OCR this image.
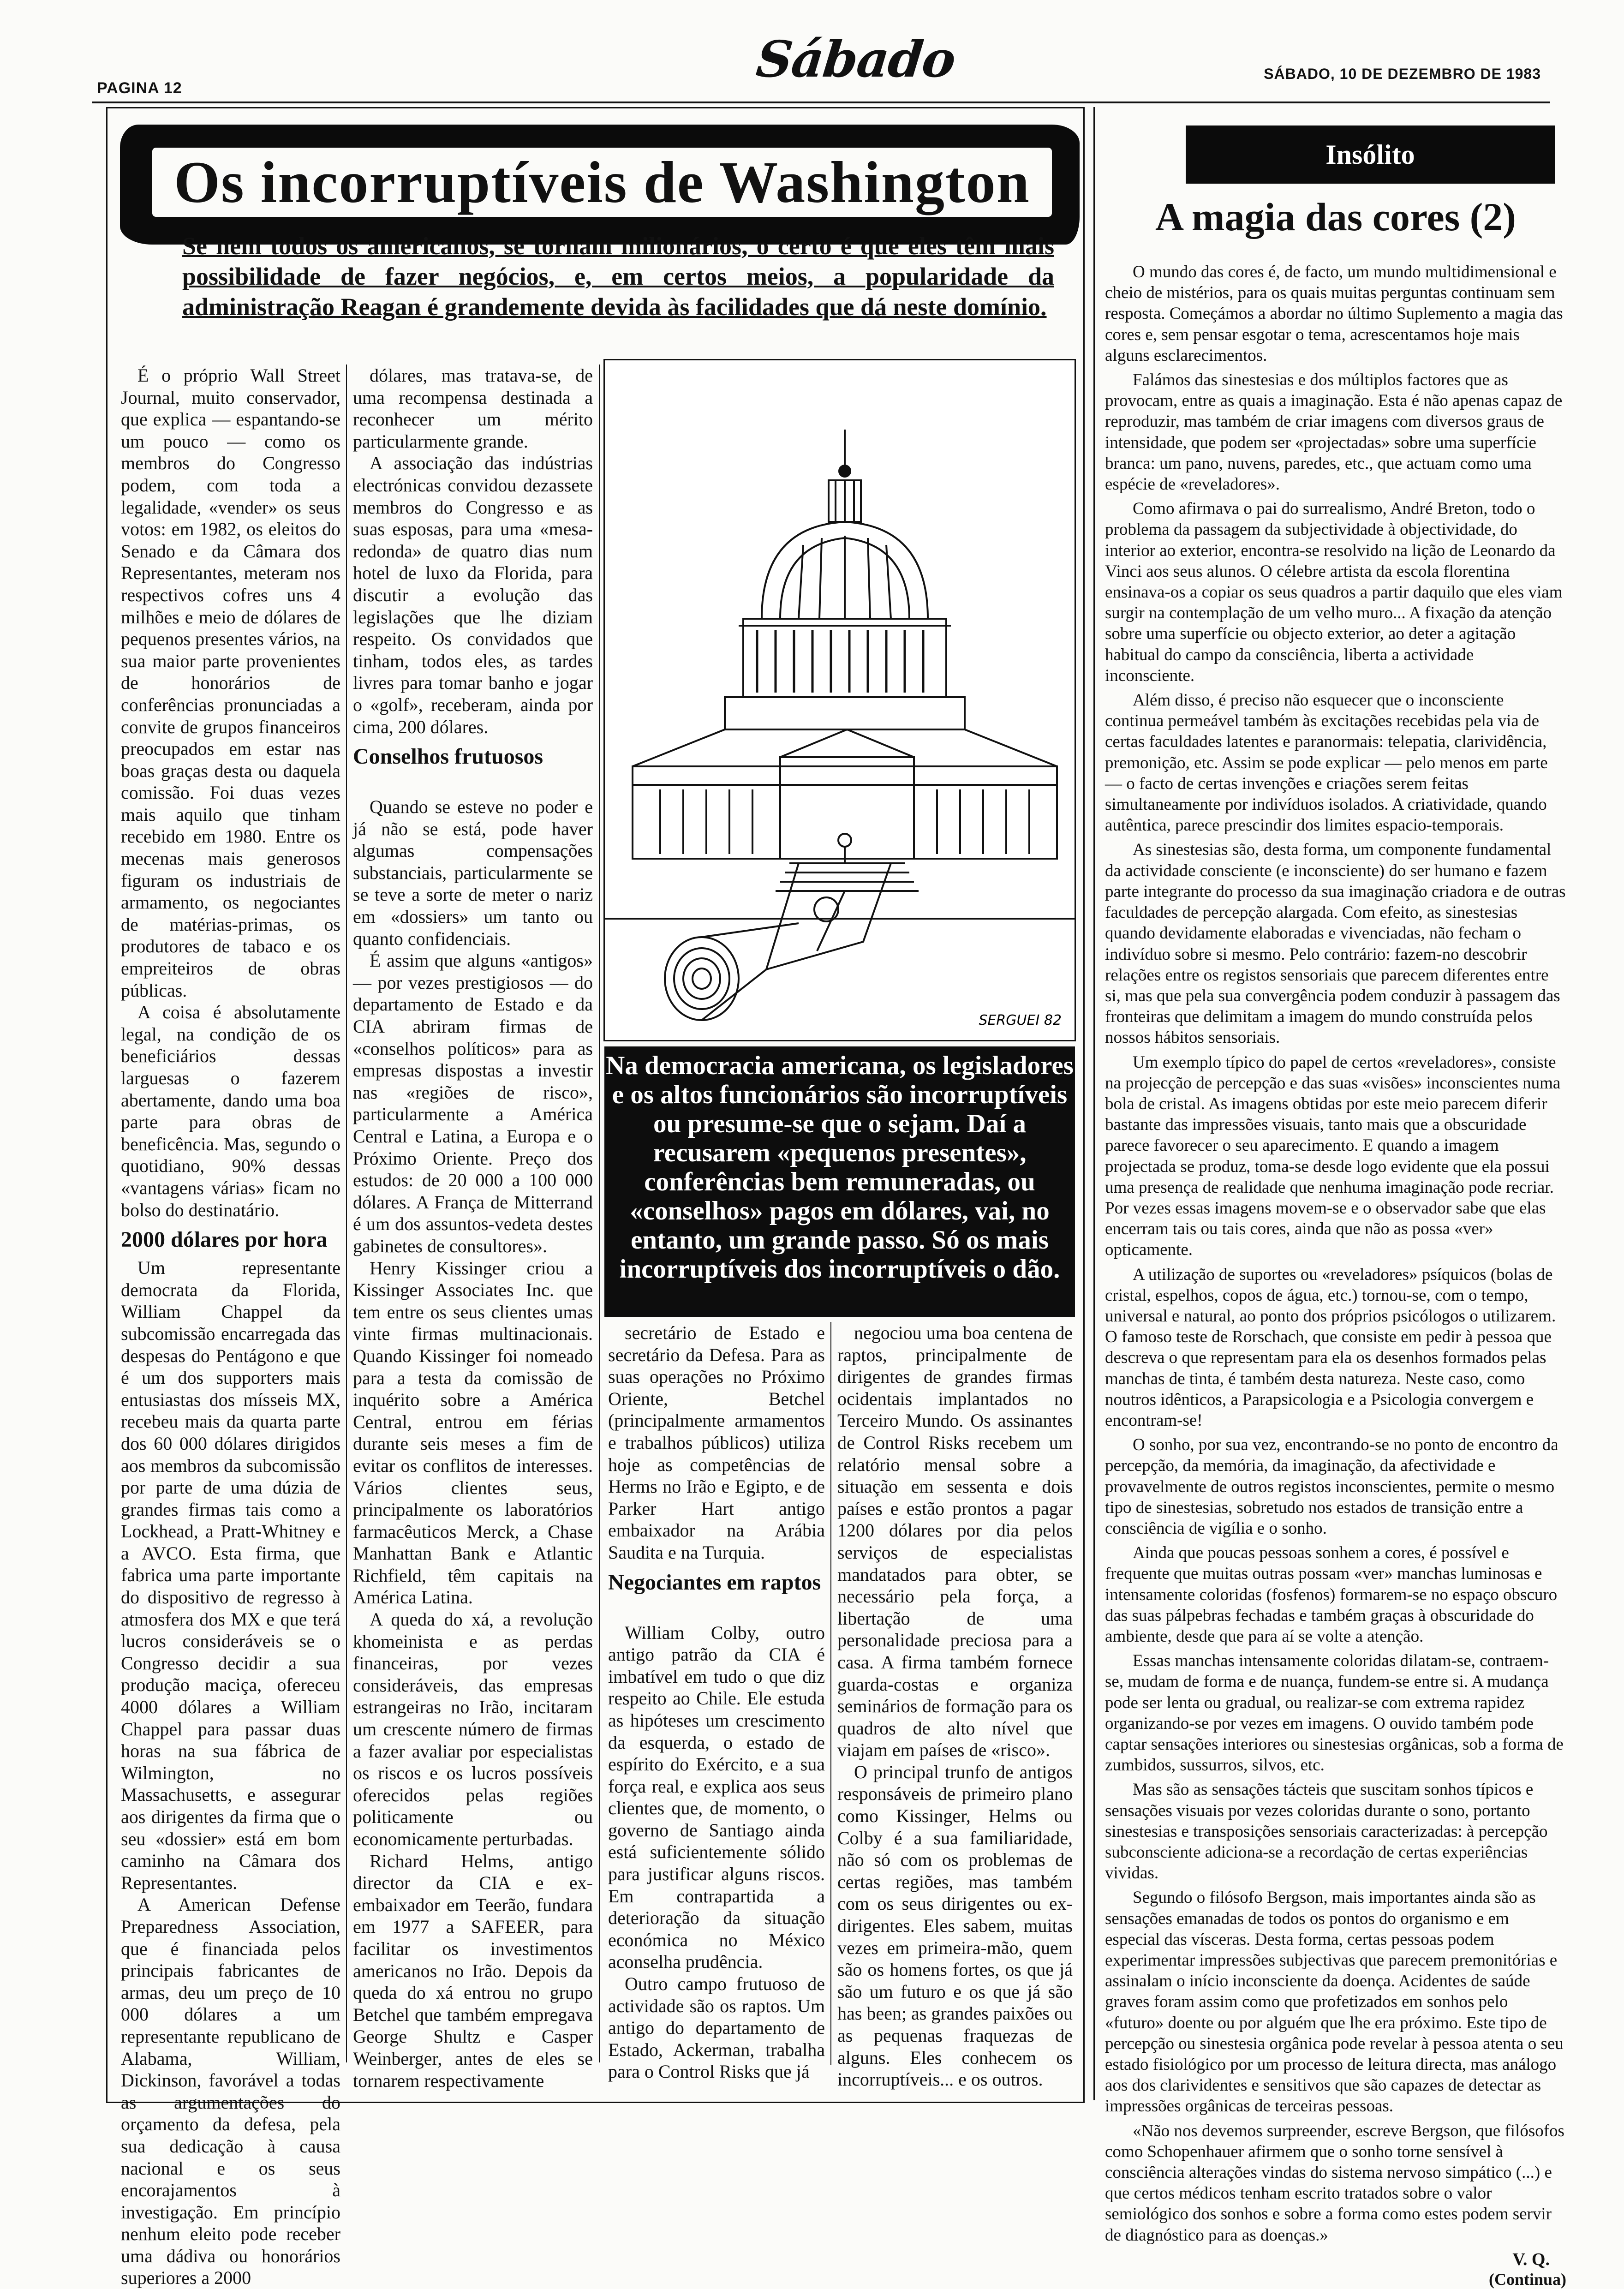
PAGINA 12	Sábado	SÁBADO, 10 DE DEZEMBRO DE 1983
Os incorruptíveis de Washington
Se nem todos os americanos, se tornam milionários, o certo é que eles têm mais possibilidade de fazer negócios, e, em certos meios, a popularidade da administração Reagan é grandemente devida às facilidades que dá neste domínio.

É o próprio Wall Street Journal, muito conservador, que explica — espantando-se um pouco — como os membros do Congresso podem, com toda a legalidade, «vender» os seus votos: em 1982, os eleitos do Senado e da Câmara dos Representantes, meteram nos respectivos cofres uns 4 milhões e meio de dólares de pequenos presentes vários, na sua maior parte provenientes de honorários de conferências pronunciadas a convite de grupos financeiros preocupados em estar nas boas graças desta ou daquela comissão. Foi duas vezes mais aquilo que tinham recebido em 1980. Entre os mecenas mais generosos figuram os industriais de armamento, os negociantes de matérias-primas, os produtores de tabaco e os empreiteiros de obras públicas.

A coisa é absolutamente legal, na condição de os beneficiários dessas larguesas o fazerem abertamente, dando uma boa parte para obras de beneficência. Mas, segundo o quotidiano, 90% dessas «vantagens várias» ficam no bolso do destinatário.

2000 dólares por hora

Um representante democrata da Florida, William Chappel da subcomissão encarregada das despesas do Pentágono e que é um dos supporters mais entusiastas dos mísseis MX, recebeu mais da quarta parte dos 60 000 dólares dirigidos aos membros da subcomissão por parte de uma dúzia de grandes firmas tais como a Lockhead, a Pratt-Whitney e a AVCO. Esta firma, que fabrica uma parte importante do dispositivo de regresso à atmosfera dos MX e que terá lucros consideráveis se o Congresso decidir a sua produção maciça, ofereceu 4000 dólares a William Chappel para passar duas horas na sua fábrica de Wilmington, no Massachusetts, e assegurar aos dirigentes da firma que o seu «dossier» está em bom caminho na Câmara dos Representantes.

A American Defense Preparedness Association, que é financiada pelos principais fabricantes de armas, deu um preço de 10 000 dólares a um representante republicano de Alabama, William, Dickinson, favorável a todas as argumentações do orçamento da defesa, pela sua dedicação à causa nacional e os seus encorajamentos à investigação. Em princípio nenhum eleito pode receber uma dádiva ou honorários superiores a 2000

dólares, mas tratava-se, de uma recompensa destinada a reconhecer um mérito particularmente grande.

A associação das indústrias electrónicas convidou dezassete membros do Congresso e as suas esposas, para uma «mesa-redonda» de quatro dias num hotel de luxo da Florida, para discutir a evolução das legislações que lhe diziam respeito. Os convidados que tinham, todos eles, as tardes livres para tomar banho e jogar o «golf», receberam, ainda por cima, 200 dólares.

Conselhos frutuosos

Quando se esteve no poder e já não se está, pode haver algumas compensações substanciais, particularmente se se teve a sorte de meter o nariz em «dossiers» um tanto ou quanto confidenciais.

É assim que alguns «antigos» — por vezes prestigiosos — do departamento de Estado e da CIA abriram firmas de «conselhos políticos» para as empresas dispostas a investir nas «regiões de risco», particularmente a América Central e Latina, a Europa e o Próximo Oriente. Preço dos estudos: de 20 000 a 100 000 dólares. A França de Mitterrand é um dos assuntos-vedeta destes gabinetes de consultores».

Henry Kissinger criou a Kissinger Associates Inc. que tem entre os seus clientes umas vinte firmas multinacionais. Quando Kissinger foi nomeado para a testa da comissão de inquérito sobre a América Central, entrou em férias durante seis meses a fim de evitar os conflitos de interesses. Vários clientes seus, principalmente os laboratórios farmacêuticos Merck, a Chase Manhattan Bank e Atlantic Richfield, têm capitais na América Latina.

A queda do xá, a revolução khomeinista e as perdas financeiras, por vezes consideráveis, das empresas estrangeiras no Irão, incitaram um crescente número de firmas a fazer avaliar por especialistas os riscos e os lucros possíveis oferecidos pelas regiões politicamente ou economicamente perturbadas.

Richard Helms, antigo director da CIA e ex-embaixador em Teerão, fundara em 1977 a SAFEER, para facilitar os investimentos americanos no Irão. Depois da queda do xá entrou no grupo Betchel que também empregava George Shultz e Casper Weinberger, antes de eles se tornarem respectivamente

SERGUEI 82
Na democracia americana, os legisladores e os altos funcionários são incorruptíveis ou presume-se que o sejam. Daí a recusarem «pequenos presentes», conferências bem remuneradas, ou «conselhos» pagos em dólares, vai, no entanto, um grande passo. Só os mais incorruptíveis dos incorruptíveis o dão.

secretário de Estado e secretário da Defesa. Para as suas operações no Próximo Oriente, Betchel (principalmente armamentos e trabalhos públicos) utiliza hoje as competências de Herms no Irão e Egipto, e de Parker Hart antigo embaixador na Arábia Saudita e na Turquia.

Negociantes em raptos

William Colby, outro antigo patrão da CIA é imbatível em tudo o que diz respeito ao Chile. Ele estuda as hipóteses um crescimento da esquerda, o estado de espírito do Exército, e a sua força real, e explica aos seus clientes que, de momento, o governo de Santiago ainda está suficientemente sólido para justificar alguns riscos. Em contrapartida a deterioração da situação económica no México aconselha prudência.

Outro campo frutuoso de actividade são os raptos. Um antigo do departamento de Estado, Ackerman, trabalha para o Control Risks que já

negociou uma boa centena de raptos, principalmente de dirigentes de grandes firmas ocidentais implantados no Terceiro Mundo. Os assinantes de Control Risks recebem um relatório mensal sobre a situação em sessenta e dois países e estão prontos a pagar 1200 dólares por dia pelos serviços de especialistas mandatados para obter, se necessário pela força, a libertação de uma personalidade preciosa para a casa. A firma também fornece guarda-costas e organiza seminários de formação para os quadros de alto nível que viajam em países de «risco».

O principal trunfo de antigos responsáveis de primeiro plano como Kissinger, Helms ou Colby é a sua familiaridade, não só com os problemas de certas regiões, mas também com os seus dirigentes ou ex-dirigentes. Eles sabem, muitas vezes em primeira-mão, quem são os homens fortes, os que já são um futuro e os que já são has been; as grandes paixões ou as pequenas fraquezas de alguns. Eles conhecem os incorruptíveis... e os outros.

Insólito
A magia das cores (2)

O mundo das cores é, de facto, um mundo multidimensional e cheio de mistérios, para os quais muitas perguntas continuam sem resposta. Começámos a abordar no último Suplemento a magia das cores e, sem pensar esgotar o tema, acrescentamos hoje mais alguns esclarecimentos.

Falámos das sinestesias e dos múltiplos factores que as provocam, entre as quais a imaginação. Esta é não apenas capaz de reproduzir, mas também de criar imagens com diversos graus de intensidade, que podem ser «projectadas» sobre uma superfície branca: um pano, nuvens, paredes, etc., que actuam como uma espécie de «reveladores».

Como afirmava o pai do surrealismo, André Breton, todo o problema da passagem da subjectividade à objectividade, do interior ao exterior, encontra-se resolvido na lição de Leonardo da Vinci aos seus alunos. O célebre artista da escola florentina ensinava-os a copiar os seus quadros a partir daquilo que eles viam surgir na contemplação de um velho muro... A fixação da atenção sobre uma superfície ou objecto exterior, ao deter a agitação habitual do campo da consciência, liberta a actividade inconsciente.

Além disso, é preciso não esquecer que o inconsciente continua permeável também às excitações recebidas pela via de certas faculdades latentes e paranormais: telepatia, clarividência, premonição, etc. Assim se pode explicar — pelo menos em parte — o facto de certas invenções e criações serem feitas simultaneamente por indivíduos isolados. A criatividade, quando autêntica, parece prescindir dos limites espacio-temporais.

As sinestesias são, desta forma, um componente fundamental da actividade consciente (e inconsciente) do ser humano e fazem parte integrante do processo da sua imaginação criadora e de outras faculdades de percepção alargada. Com efeito, as sinestesias quando devidamente elaboradas e vivenciadas, não fecham o indivíduo sobre si mesmo. Pelo contrário: fazem-no descobrir relações entre os registos sensoriais que parecem diferentes entre si, mas que pela sua convergência podem conduzir à passagem das fronteiras que delimitam a imagem do mundo construída pelos nossos hábitos sensoriais.

Um exemplo típico do papel de certos «reveladores», consiste na projecção de percepção e das suas «visões» inconscientes numa bola de cristal. As imagens obtidas por este meio parecem diferir bastante das impressões visuais, tanto mais que a obscuridade parece favorecer o seu aparecimento. E quando a imagem projectada se produz, toma-se desde logo evidente que ela possui uma presença de realidade que nenhuma imaginação pode recriar. Por vezes essas imagens movem-se e o observador sabe que elas encerram tais ou tais cores, ainda que não as possa «ver» opticamente.

A utilização de suportes ou «reveladores» psíquicos (bolas de cristal, espelhos, copos de água, etc.) tornou-se, com o tempo, universal e natural, ao ponto dos próprios psicólogos o utilizarem. O famoso teste de Rorschach, que consiste em pedir à pessoa que descreva o que representam para ela os desenhos formados pelas manchas de tinta, é também desta natureza. Neste caso, como noutros idênticos, a Parapsicologia e a Psicologia convergem e encontram-se!

O sonho, por sua vez, encontrando-se no ponto de encontro da percepção, da memória, da imaginação, da afectividade e provavelmente de outros registos inconscientes, permite o mesmo tipo de sinestesias, sobretudo nos estados de transição entre a consciência de vigília e o sonho.

Ainda que poucas pessoas sonhem a cores, é possível e frequente que muitas outras possam «ver» manchas luminosas e intensamente coloridas (fosfenos) formarem-se no espaço obscuro das suas pálpebras fechadas e também graças à obscuridade do ambiente, desde que para aí se volte a atenção.

Essas manchas intensamente coloridas dilatam-se, contraem-se, mudam de forma e de nuança, fundem-se entre si. A mudança pode ser lenta ou gradual, ou realizar-se com extrema rapidez organizando-se por vezes em imagens. O ouvido também pode captar sensações interiores ou sinestesias orgânicas, sob a forma de zumbidos, sussurros, silvos, etc.

Mas são as sensações tácteis que suscitam sonhos típicos e sensações visuais por vezes coloridas durante o sono, portanto sinestesias e transposições sensoriais caracterizadas: à percepção subconsciente adiciona-se a recordação de certas experiências vividas.

Segundo o filósofo Bergson, mais importantes ainda são as sensações emanadas de todos os pontos do organismo e em especial das vísceras. Desta forma, certas pessoas podem experimentar impressões subjectivas que parecem premonitórias e assinalam o início inconsciente da doença. Acidentes de saúde graves foram assim como que profetizados em sonhos pelo «futuro» doente ou por alguém que lhe era próximo. Este tipo de percepção ou sinestesia orgânica pode revelar à pessoa atenta o seu estado fisiológico por um processo de leitura directa, mas análogo aos dos clarividentes e sensitivos que são capazes de detectar as impressões orgânicas de terceiras pessoas.

«Não nos devemos surpreender, escreve Bergson, que filósofos como Schopenhauer afirmem que o sonho torne sensível à consciência alterações vindas do sistema nervoso simpático (...) e que certos médicos tenham escrito tratados sobre o valor semiológico dos sonhos e sobre a forma como estes podem servir de diagnóstico para as doenças.»

V. Q.
(Continua)
